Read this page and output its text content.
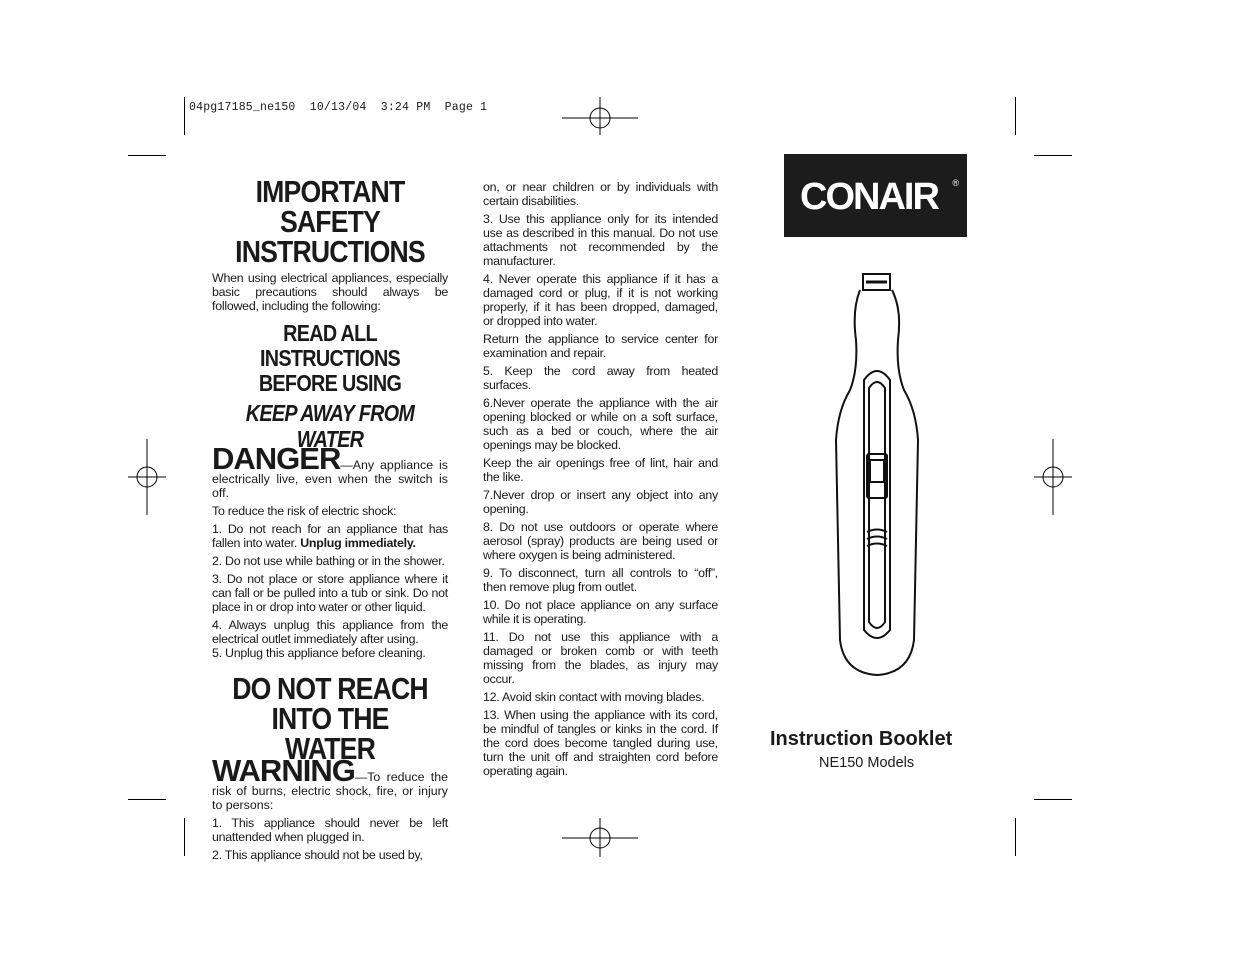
04pg17185_ne150  10/13/04  3:24 PM  Page 1
IMPORTANT SAFETY INSTRUCTIONS

When using electrical appliances, especially basic precautions should always be followed, including the following:

READ ALL INSTRUCTIONS BEFORE USING
KEEP AWAY FROM WATER

DANGER—Any appliance is electrically live, even when the switch is off.

To reduce the risk of electric shock:

1. Do not reach for an appliance that has fallen into water. Unplug immediately.

2. Do not use while bathing or in the shower.

3. Do not place or store appliance where it can fall or be pulled into a tub or sink. Do not place in or drop into water or other liquid.

4. Always unplug this appliance from the electrical outlet immediately after using.

5. Unplug this appliance before cleaning.

DO NOT REACH INTO THE WATER

WARNING—To reduce the risk of burns, electric shock, fire, or injury to persons:

1. This appliance should never be left unattended when plugged in.

2. This appliance should not be used by,

on, or near children or by individuals with certain disabilities.

3. Use this appliance only for its intended use as described in this manual. Do not use attachments not recommended by the manufacturer.

4. Never operate this appliance if it has a damaged cord or plug, if it is not working properly, if it has been dropped, damaged, or dropped into water.

Return the appliance to service center for examination and repair.

5. Keep the cord away from heated surfaces.

6.Never operate the appliance with the air opening blocked or while on a soft surface, such as a bed or couch, where the air openings may be blocked.

Keep the air openings free of lint, hair and the like.

7.Never drop or insert any object into any opening.

8. Do not use outdoors or operate where aerosol (spray) products are being used or where oxygen is being administered.

9. To disconnect, turn all controls to “off”, then remove plug from outlet.

10. Do not place appliance on any surface while it is operating.

11. Do not use this appliance with a damaged or broken comb or with teeth missing from the blades, as injury may occur.

12. Avoid skin contact with moving blades.

13. When using the appliance with its cord, be mindful of tangles or kinks in the cord. If the cord does become tangled during use, turn the unit off and straighten cord before operating again.

CONAIR ®
Instruction Booklet
NE150 Models
